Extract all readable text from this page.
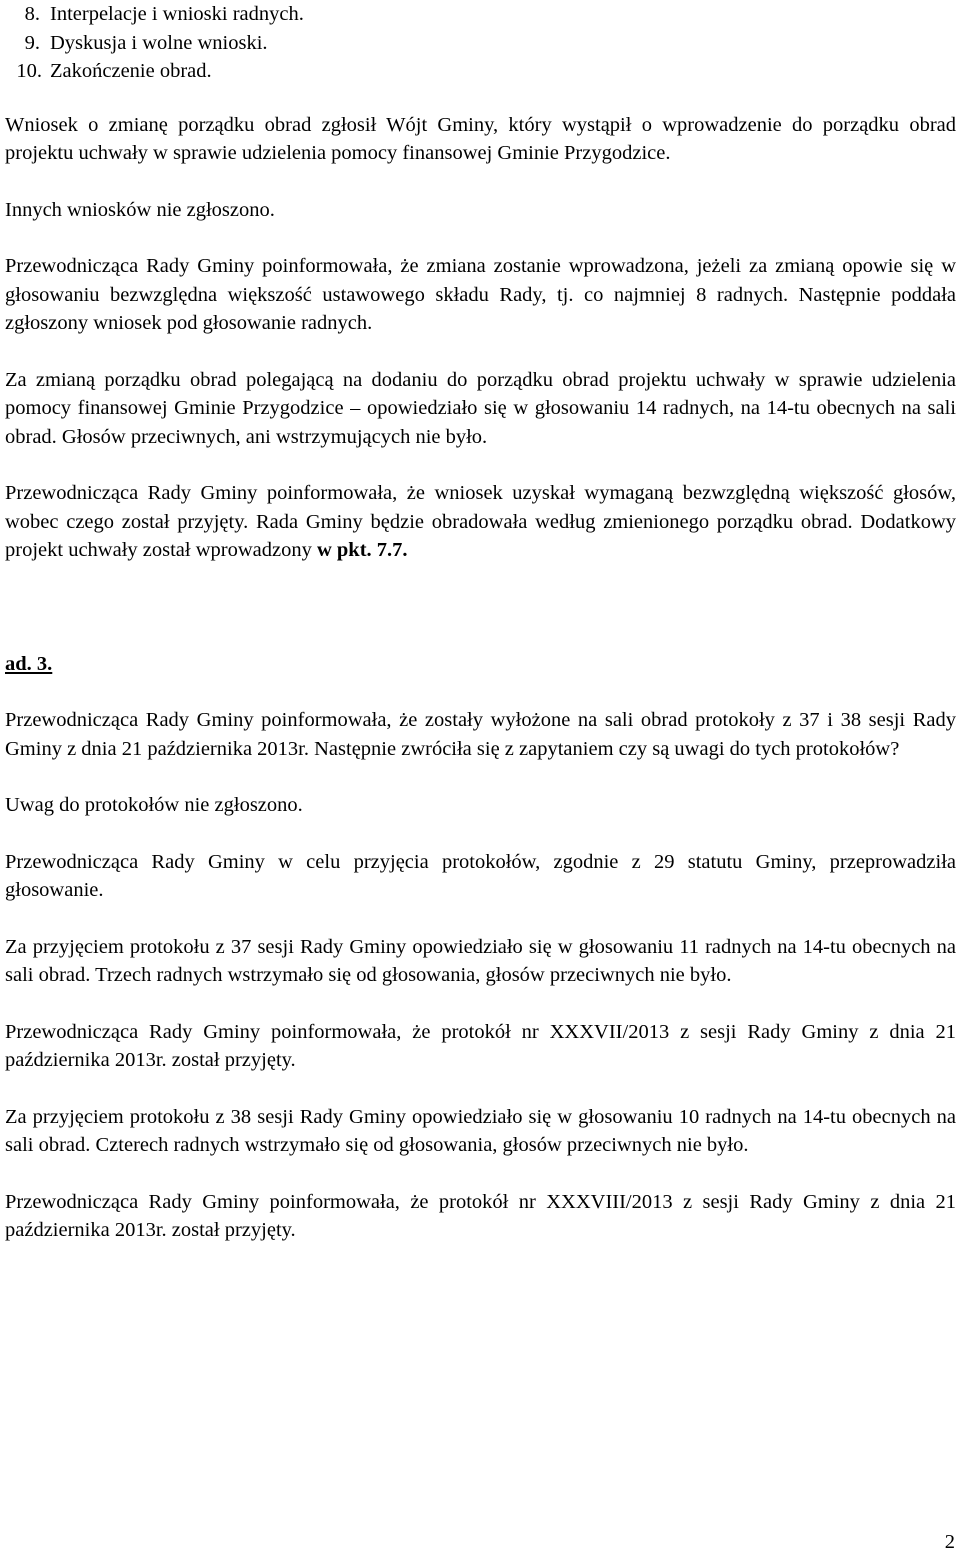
8. Interpelacje i wnioski radnych.
9. Dyskusja i wolne wnioski.
10. Zakończenie obrad.

Wniosek o zmianę porządku obrad zgłosił Wójt Gminy, który wystąpił o wprowadzenie do porządku obrad projektu uchwały w sprawie udzielenia pomocy finansowej Gminie Przygodzice.

Innych wniosków nie zgłoszono.

Przewodnicząca Rady Gminy poinformowała, że zmiana zostanie wprowadzona, jeżeli za zmianą opowie się w głosowaniu bezwzględna większość ustawowego składu Rady, tj. co najmniej 8 radnych. Następnie poddała zgłoszony wniosek pod głosowanie radnych.

Za zmianą porządku obrad polegającą na dodaniu do porządku obrad projektu uchwały w sprawie udzielenia pomocy finansowej Gminie Przygodzice – opowiedziało się w głosowaniu 14 radnych, na 14-tu obecnych na sali obrad. Głosów przeciwnych, ani wstrzymujących nie było.

Przewodnicząca Rady Gminy poinformowała, że wniosek uzyskał wymaganą bezwzględną większość głosów, wobec czego został przyjęty. Rada Gminy będzie obradowała według zmienionego porządku obrad. Dodatkowy projekt uchwały został wprowadzony w pkt. 7.7.

ad. 3.

Przewodnicząca Rady Gminy poinformowała, że zostały wyłożone na sali obrad protokoły z 37 i 38 sesji Rady Gminy z dnia 21 października 2013r. Następnie zwróciła się z zapytaniem czy są uwagi do tych protokołów?

Uwag do protokołów nie zgłoszono.

Przewodnicząca Rady Gminy w celu przyjęcia protokołów, zgodnie z 29 statutu Gminy, przeprowadziła głosowanie.

Za przyjęciem protokołu z 37 sesji Rady Gminy opowiedziało się w głosowaniu 11 radnych na 14-tu obecnych na sali obrad. Trzech radnych wstrzymało się od głosowania, głosów przeciwnych nie było.

Przewodnicząca Rady Gminy poinformowała, że protokół nr XXXVII/2013 z sesji Rady Gminy z dnia 21 października 2013r. został przyjęty.

Za przyjęciem protokołu z 38 sesji Rady Gminy opowiedziało się w głosowaniu 10 radnych na 14-tu obecnych na sali obrad. Czterech radnych wstrzymało się od głosowania, głosów przeciwnych nie było.

Przewodnicząca Rady Gminy poinformowała, że protokół nr XXXVIII/2013 z sesji Rady Gminy z dnia 21 października 2013r. został przyjęty.

2
